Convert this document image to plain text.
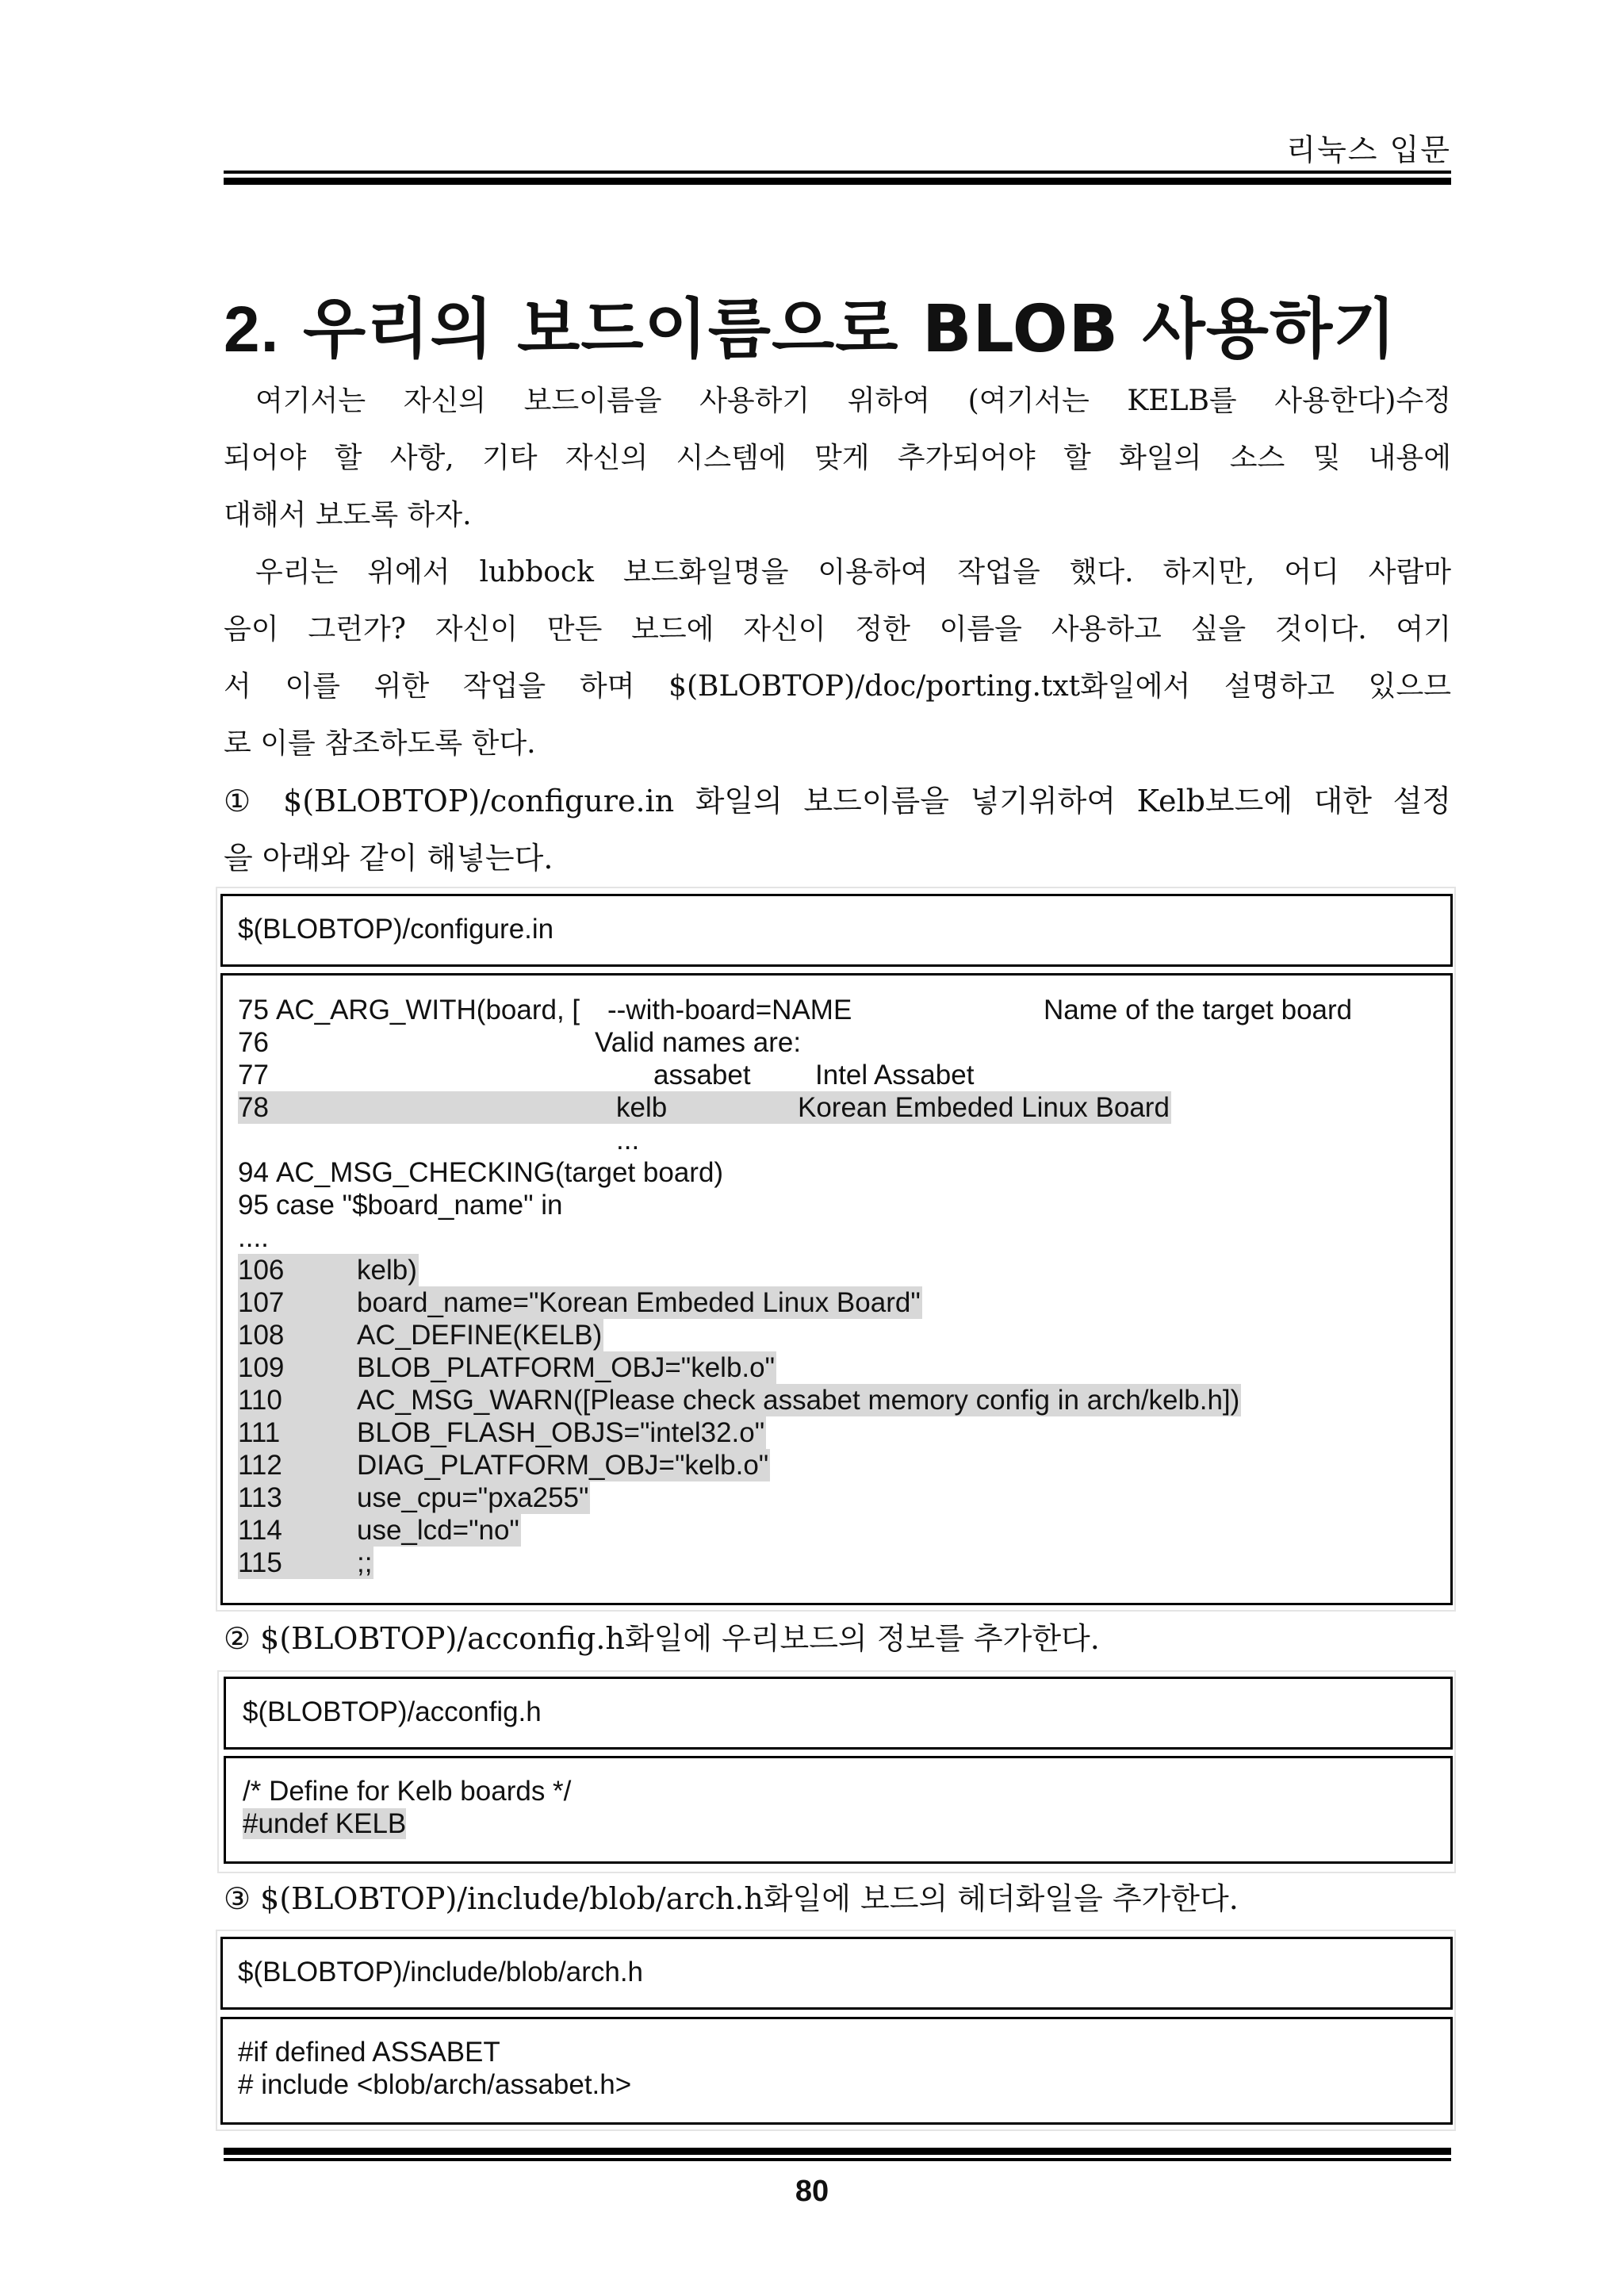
리눅스 입문
2. 우리의 보드이름으로 BLOB 사용하기
여기서는 자신의 보드이름을 사용하기 위하여 (여기서는 KELB를 사용한다)수정
되어야 할 사항, 기타 자신의 시스템에 맞게 추가되어야 할 화일의 소스 및 내용에
대해서 보도록 하자.
우리는 위에서 lubbock 보드화일명을 이용하여 작업을 했다. 하지만, 어디 사람마
음이 그런가? 자신이 만든 보드에 자신이 정한 이름을 사용하고 싶을 것이다. 여기
서 이를 위한 작업을 하며 $(BLOBTOP)/doc/porting.txt화일에서 설명하고 있으므
로 이를 참조하도록 한다.
① $(BLOBTOP)/configure.in 화일의 보드이름을 넣기위하여 Kelb보드에 대한 설정
을 아래와 같이 해넣는다.
$(BLOBTOP)/configure.in
75 AC_ARG_WITH(board, [ --with-board=NAME	Name of the target board
76	Valid names are:
77	assabet Intel Assabet
78	kelb	Korean Embeded Linux Board
...
94 AC_MSG_CHECKING(target board)
95 case "$board_name" in
....
106	kelb)
107	board_name="Korean Embeded Linux Board"
108	AC_DEFINE(KELB)
109	BLOB_PLATFORM_OBJ="kelb.o"
110	AC_MSG_WARN([Please check assabet memory config in arch/kelb.h])
111	BLOB_FLASH_OBJS="intel32.o"
112	DIAG_PLATFORM_OBJ="kelb.o"
113	use_cpu="pxa255"
114	use_lcd="no"
115	;;
② $(BLOBTOP)/acconfig.h화일에 우리보드의 정보를 추가한다.
$(BLOBTOP)/acconfig.h
/* Define for Kelb boards */
#undef KELB
③ $(BLOBTOP)/include/blob/arch.h화일에 보드의 헤더화일을 추가한다.
$(BLOBTOP)/include/blob/arch.h
#if defined ASSABET
# include <blob/arch/assabet.h>
80
